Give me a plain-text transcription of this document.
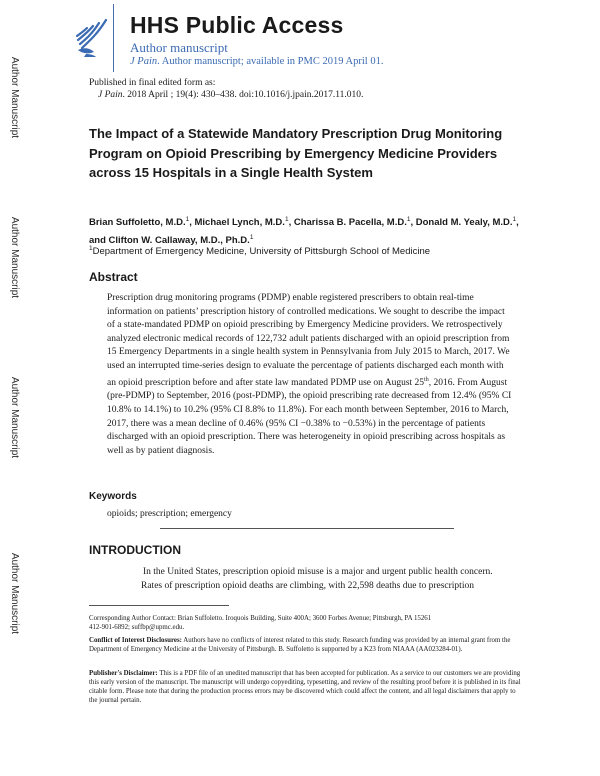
Author Manuscript
Author Manuscript
Author Manuscript
Author Manuscript
HHS Public Access
Author manuscript
J Pain. Author manuscript; available in PMC 2019 April 01.
Published in final edited form as:
J Pain. 2018 April ; 19(4): 430–438. doi:10.1016/j.jpain.2017.11.010.
The Impact of a Statewide Mandatory Prescription Drug Monitoring Program on Opioid Prescribing by Emergency Medicine Providers across 15 Hospitals in a Single Health System
Brian Suffoletto, M.D.$^1$, Michael Lynch, M.D.$^1$, Charissa B. Pacella, M.D.$^1$, Donald M. Yealy, M.D.$^1$, and Clifton W. Callaway, M.D., Ph.D.$^1$
$^1$Department of Emergency Medicine, University of Pittsburgh School of Medicine
Abstract

Prescription drug monitoring programs (PDMP) enable registered prescribers to obtain real-time information on patients’ prescription history of controlled medications. We sought to describe the impact of a state-mandated PDMP on opioid prescribing by Emergency Medicine providers. We retrospectively analyzed electronic medical records of 122,732 adult patients discharged with an opioid prescription from 15 Emergency Departments in a single health system in Pennsylvania from July 2015 to March, 2017. We used an interrupted time-series design to evaluate the percentage of patients discharged each month with an opioid prescription before and after state law mandated PDMP use on August 25th, 2016. From August (pre-PDMP) to September, 2016 (post-PDMP), the opioid prescribing rate decreased from 12.4% (95% CI 10.8% to 14.1%) to 10.2% (95% CI 8.8% to 11.8%). For each month between September, 2016 to March, 2017, there was a mean decline of 0.46% (95% CI −0.38% to −0.53%) in the percentage of patients discharged with an opioid prescription. There was heterogeneity in opioid prescribing across hospitals as well as by patient diagnosis.

Keywords
opioids; prescription; emergency
INTRODUCTION
In the United States, prescription opioid misuse is a major and urgent public health concern.
Rates of prescription opioid deaths are climbing, with 22,598 deaths due to prescription
Corresponding Author Contact: Brian Suffoletto. Iroquois Building, Suite 400A; 3600 Forbes Avenue; Pittsburgh, PA 15261
412-901-6892; suffbp@upmc.edu.
Conflict of Interest Disclosures: Authors have no conflicts of interest related to this study. Research funding was provided by an internal grant from the Department of Emergency Medicine at the University of Pittsburgh. B. Suffoletto is supported by a K23 from NIAAA (AA023284-01).
Publisher's Disclaimer: This is a PDF file of an unedited manuscript that has been accepted for publication. As a service to our customers we are providing this early version of the manuscript. The manuscript will undergo copyediting, typesetting, and review of the resulting proof before it is published in its final citable form. Please note that during the production process errors may be discovered which could affect the content, and all legal disclaimers that apply to the journal pertain.
